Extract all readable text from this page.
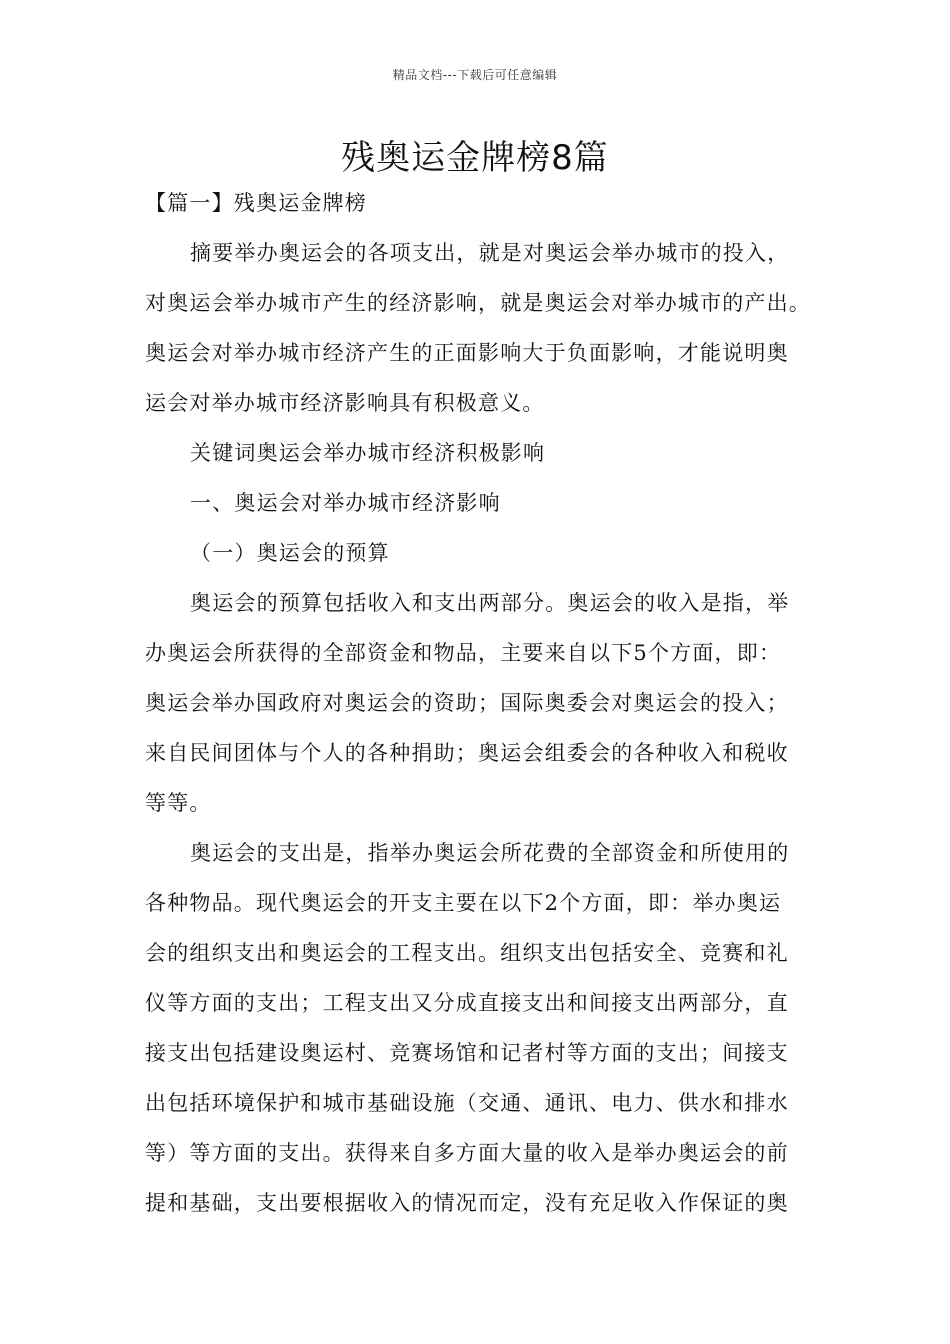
精品文档---下载后可任意编辑
残奥运金牌榜8篇
【篇一】残奥运金牌榜
摘要举办奥运会的各项支出，就是对奥运会举办城市的投入，
对奥运会举办城市产生的经济影响，就是奥运会对举办城市的产出。
奥运会对举办城市经济产生的正面影响大于负面影响，才能说明奥
运会对举办城市经济影响具有积极意义。
关键词奥运会举办城市经济积极影响
一、奥运会对举办城市经济影响
（一）奥运会的预算
奥运会的预算包括收入和支出两部分。奥运会的收入是指，举
办奥运会所获得的全部资金和物品，主要来自以下5个方面，即：
奥运会举办国政府对奥运会的资助；国际奥委会对奥运会的投入；
来自民间团体与个人的各种捐助；奥运会组委会的各种收入和税收
等等。
奥运会的支出是，指举办奥运会所花费的全部资金和所使用的
各种物品。现代奥运会的开支主要在以下2个方面，即：举办奥运
会的组织支出和奥运会的工程支出。组织支出包括安全、竞赛和礼
仪等方面的支出；工程支出又分成直接支出和间接支出两部分，直
接支出包括建设奥运村、竞赛场馆和记者村等方面的支出；间接支
出包括环境保护和城市基础设施（交通、通讯、电力、供水和排水
等）等方面的支出。获得来自多方面大量的收入是举办奥运会的前
提和基础，支出要根据收入的情况而定，没有充足收入作保证的奥
